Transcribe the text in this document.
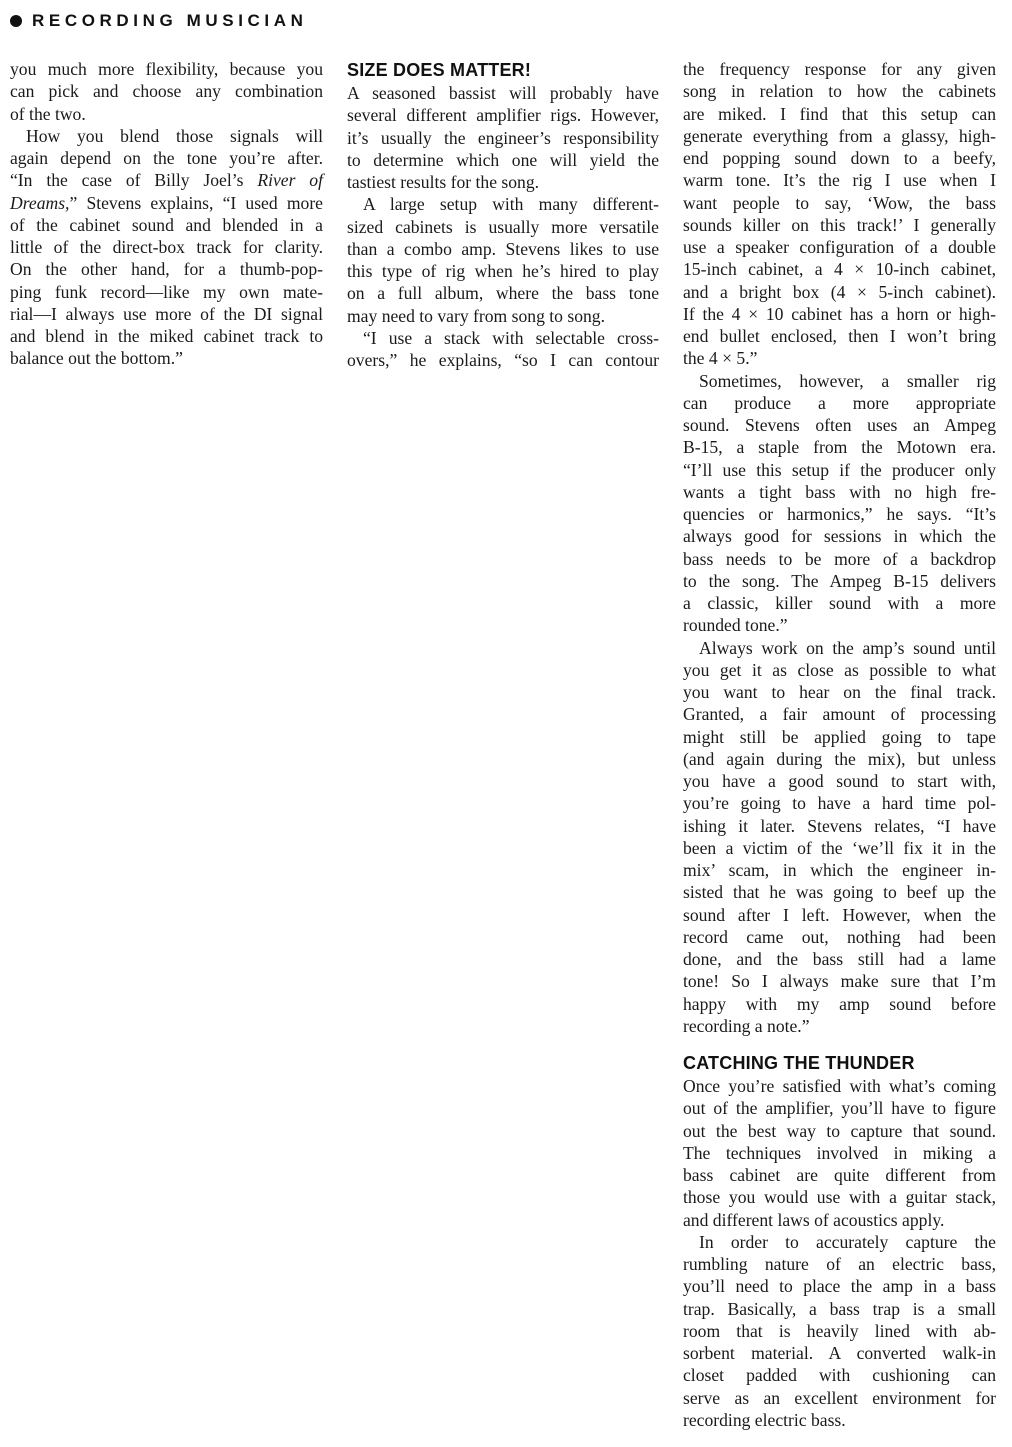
RECORDING MUSICIAN
you much more flexibility, because you
can pick and choose any combination
of the two.
How you blend those signals will
again depend on the tone you’re after.
“In the case of Billy Joel’s River of
Dreams,” Stevens explains, “I used more
of the cabinet sound and blended in a
little of the direct-box track for clarity.
On the other hand, for a thumb-pop-
ping funk record—like my own mate-
rial—I always use more of the DI signal
and blend in the miked cabinet track to
balance out the bottom.”
SIZE DOES MATTER!
A seasoned bassist will probably have
several different amplifier rigs. However,
it’s usually the engineer’s responsibility
to determine which one will yield the
tastiest results for the song.
A large setup with many different-
sized cabinets is usually more versatile
than a combo amp. Stevens likes to use
this type of rig when he’s hired to play
on a full album, where the bass tone
may need to vary from song to song.
“I use a stack with selectable cross-
overs,” he explains, “so I can contour
the frequency response for any given
song in relation to how the cabinets
are miked. I find that this setup can
generate everything from a glassy, high-
end popping sound down to a beefy,
warm tone. It’s the rig I use when I
want people to say, ‘Wow, the bass
sounds killer on this track!’ I generally
use a speaker configuration of a double
15-inch cabinet, a 4 × 10-inch cabinet,
and a bright box (4 × 5-inch cabinet).
If the 4 × 10 cabinet has a horn or high-
end bullet enclosed, then I won’t bring
the 4 × 5.”
Sometimes, however, a smaller rig
can produce a more appropriate
sound. Stevens often uses an Ampeg
B-15, a staple from the Motown era.
“I’ll use this setup if the producer only
wants a tight bass with no high fre-
quencies or harmonics,” he says. “It’s
always good for sessions in which the
bass needs to be more of a backdrop
to the song. The Ampeg B-15 delivers
a classic, killer sound with a more
rounded tone.”
Always work on the amp’s sound until
you get it as close as possible to what
you want to hear on the final track.
Granted, a fair amount of processing
might still be applied going to tape
(and again during the mix), but unless
you have a good sound to start with,
you’re going to have a hard time pol-
ishing it later. Stevens relates, “I have
been a victim of the ‘we’ll fix it in the
mix’ scam, in which the engineer in-
sisted that he was going to beef up the
sound after I left. However, when the
record came out, nothing had been
done, and the bass still had a lame
tone! So I always make sure that I’m
happy with my amp sound before
recording a note.”
CATCHING THE THUNDER
Once you’re satisfied with what’s coming
out of the amplifier, you’ll have to figure
out the best way to capture that sound.
The techniques involved in miking a
bass cabinet are quite different from
those you would use with a guitar stack,
and different laws of acoustics apply.
In order to accurately capture the
rumbling nature of an electric bass,
you’ll need to place the amp in a bass
trap. Basically, a bass trap is a small
room that is heavily lined with ab-
sorbent material. A converted walk-in
closet padded with cushioning can
serve as an excellent environment for
recording electric bass.
